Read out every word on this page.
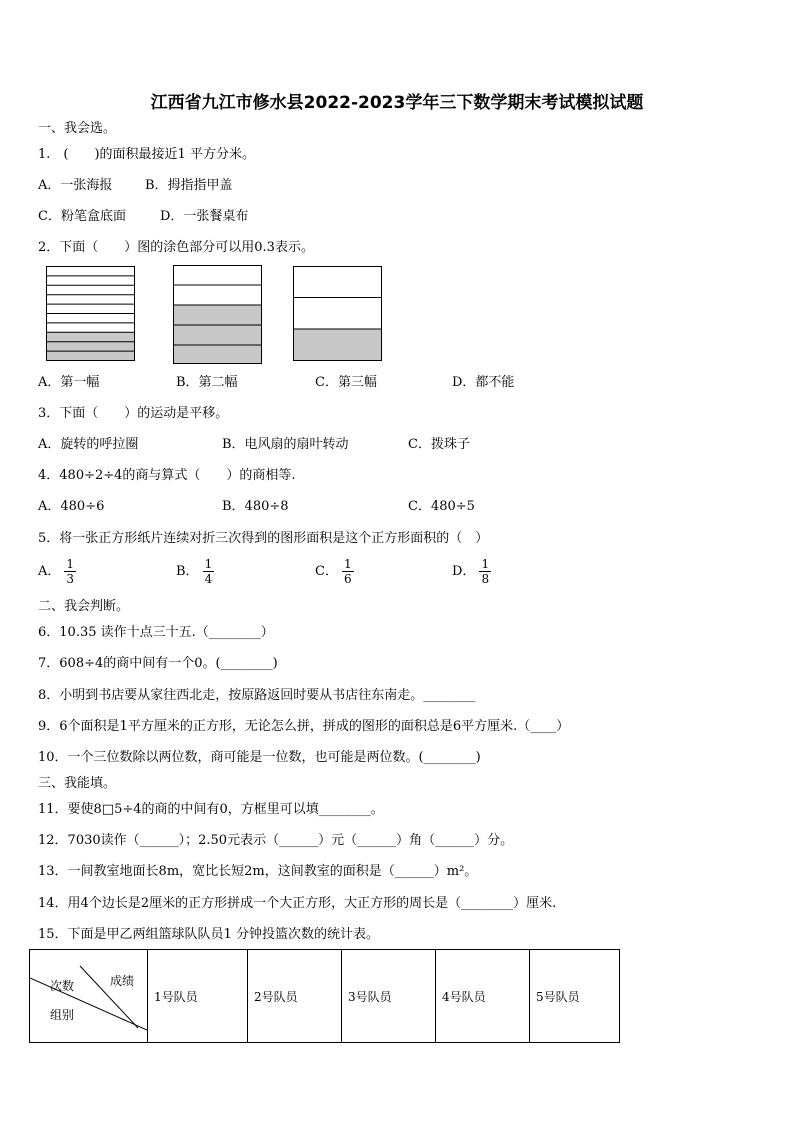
江西省九江市修水县2022-2023学年三下数学期末考试模拟试题
一、我会选。
1.　(　　)的面积最接近1 平方分米。
A．一张海报	B．拇指指甲盖
C．粉笔盒底面	D．一张餐桌布
2．下面（　　）图的涂色部分可以用0.3表示。
A．第一幅	B．第二幅	C．第三幅	D．都不能
3．下面（　　）的运动是平移。
A．旋转的呼拉圈	B．电风扇的扇叶转动	C．拨珠子
4．480÷2÷4的商与算式（　　）的商相等.
A．480÷6	B．480÷8	C．480÷5
5．将一张正方形纸片连续对折三次得到的图形面积是这个正方形面积的（　）
A． $\frac{1}{3}$	B． $\frac{1}{4}$	C． $\frac{1}{6}$	D． $\frac{1}{8}$
二、我会判断。
6．10.35 读作十点三十五.（________）
7．608÷4的商中间有一个0。(________)
8．小明到书店要从家往西北走，按原路返回时要从书店往东南走。________
9．6个面积是1平方厘米的正方形，无论怎么拼，拼成的图形的面积总是6平方厘米.（____）
10．一个三位数除以两位数，商可能是一位数，也可能是两位数。(________)
三、我能填。
11．要使8□5÷4的商的中间有0，方框里可以填________。
12．7030读作（______）；2.50元表示（______）元（______）角（______）分。
13．一间教室地面长8m，宽比长短2m，这间教室的面积是（______）m²。
14．用4个边长是2厘米的正方形拼成一个大正方形，大正方形的周长是（________）厘米.
15．下面是甲乙两组篮球队队员1 分钟投篮次数的统计表。
成绩
次数
组别
	1号队员	2号队员	3号队员	4号队员	5号队员
